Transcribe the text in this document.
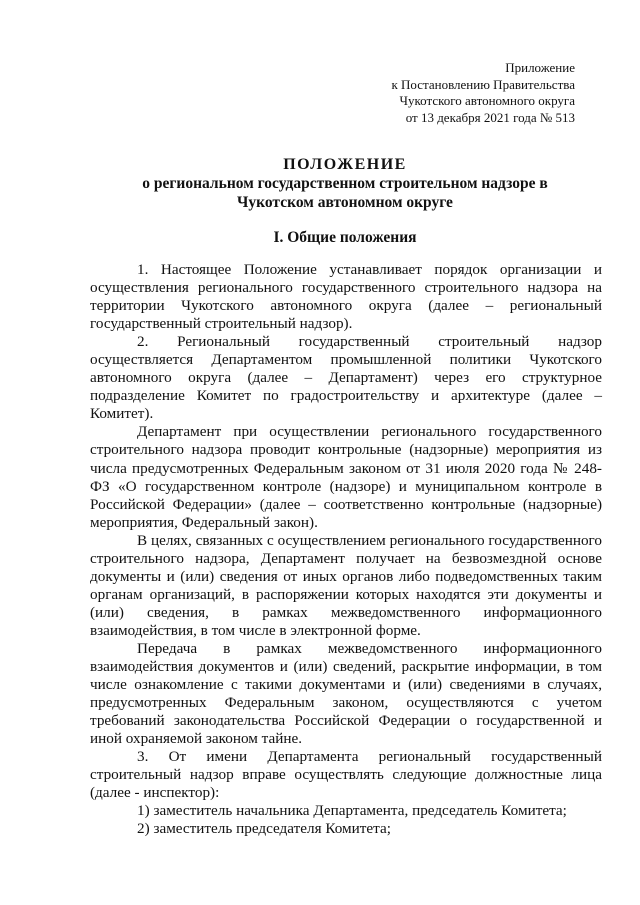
Приложение
к Постановлению Правительства
Чукотского автономного округа
от 13 декабря 2021 года № 513
ПОЛОЖЕНИЕ
о региональном государственном строительном надзоре в
Чукотском автономном округе
I. Общие положения

1. Настоящее Положение устанавливает порядок организации и осуществления регионального государственного строительного надзора на территории Чукотского автономного округа (далее – региональный государственный строительный надзор).

2. Региональный государственный строительный надзор осуществляется Департаментом промышленной политики Чукотского автономного округа (далее – Департамент) через его структурное подразделение Комитет по градостроительству и архитектуре (далее – Комитет).

Департамент при осуществлении регионального государственного строительного надзора проводит контрольные (надзорные) мероприятия из числа предусмотренных Федеральным законом от 31 июля 2020 года № 248-ФЗ «О государственном контроле (надзоре) и муниципальном контроле в Российской Федерации» (далее – соответственно контрольные (надзорные) мероприятия, Федеральный закон).

В целях, связанных с осуществлением регионального государственного строительного надзора, Департамент получает на безвозмездной основе документы и (или) сведения от иных органов либо подведомственных таким органам организаций, в распоряжении которых находятся эти документы и (или) сведения, в рамках межведомственного информационного взаимодействия, в том числе в электронной форме.

Передача в рамках межведомственного информационного взаимодействия документов и (или) сведений, раскрытие информации, в том числе ознакомление с такими документами и (или) сведениями в случаях, предусмотренных Федеральным законом, осуществляются с учетом требований законодательства Российской Федерации о государственной и иной охраняемой законом тайне.

3. От имени Департамента региональный государственный строительный надзор вправе осуществлять следующие должностные лица (далее - инспектор):

1) заместитель начальника Департамента, председатель Комитета;

2) заместитель председателя Комитета;
